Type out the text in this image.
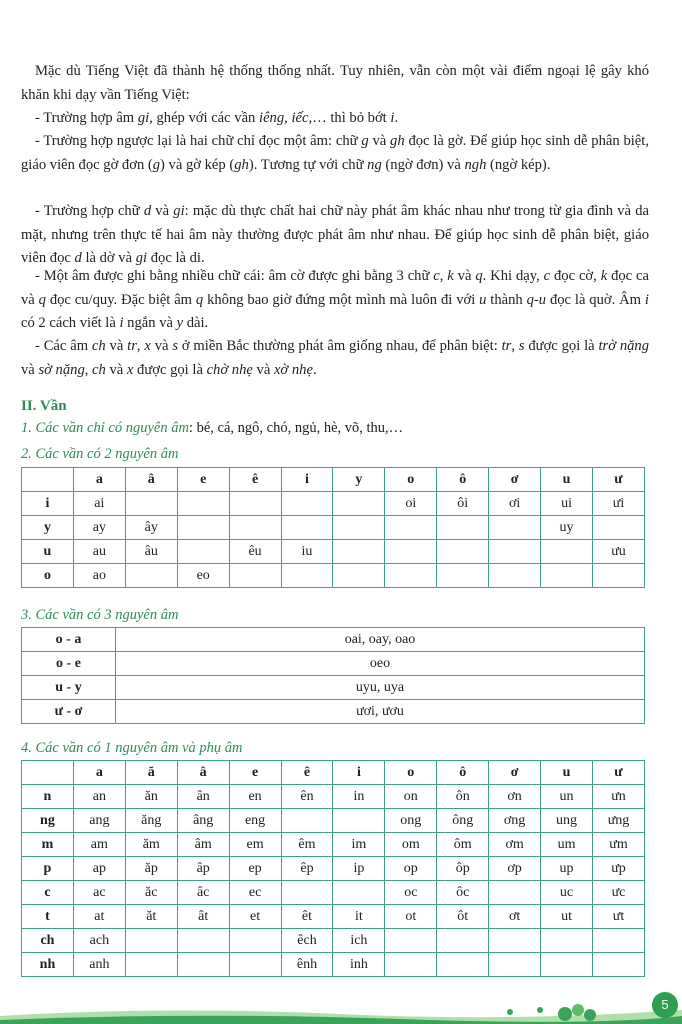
Mặc dù Tiếng Việt đã thành hệ thống thống nhất. Tuy nhiên, vẫn còn một vài điểm ngoại lệ gây khó khăn khi dạy vần Tiếng Việt:

- Trường hợp âm gi, ghép với các vần iêng, iếc,… thì bỏ bớt i.

- Trường hợp ngược lại là hai chữ chỉ đọc một âm: chữ g và gh đọc là gờ. Để giúp học sinh dễ phân biệt, giáo viên đọc gờ đơn (g) và gờ kép (gh). Tương tự với chữ ng (ngờ đơn) và ngh (ngờ kép).

- Trường hợp chữ d và gi: mặc dù thực chất hai chữ này phát âm khác nhau như trong từ gia đình và da mặt, nhưng trên thực tế hai âm này thường được phát âm như nhau. Để giúp học sinh dễ phân biệt, giáo viên đọc d là dờ và gi đọc là di.

- Một âm được ghi bằng nhiều chữ cái: âm cờ được ghi bằng 3 chữ c, k và q. Khi dạy, c đọc cờ, k đọc ca và q đọc cu/quy. Đặc biệt âm q không bao giờ đứng một mình mà luôn đi với u thành q-u đọc là quờ. Âm i có 2 cách viết là i ngắn và y dài.

- Các âm ch và tr, x và s ở miền Bắc thường phát âm giống nhau, để phân biệt: tr, s được gọi là trờ nặng và sờ nặng, ch và x được gọi là chờ nhẹ và xờ nhẹ.

II. Vần
1. Các vần chỉ có nguyên âm: bé, cá, ngô, chó, ngủ, hè, võ, thu,…
2. Các vần có 2 nguyên âm
	a	â	e	ê	i	y	o	ô	ơ	u	ư
i	ai						oi	ôi	ơi	ui	ưi
y	ay	ây								uy	
u	au	âu		êu	iu						ưu
o	ao		eo								
3. Các vần có 3 nguyên âm
o - a	oai, oay, oao
o - e	oeo
u - y	uyu, uya
ư - ơ	ươi, ươu
4. Các vần có 1 nguyên âm và phụ âm
	a	ă	â	e	ê	i	o	ô	ơ	u	ư
n	an	ăn	ân	en	ên	in	on	ôn	ơn	un	ưn
ng	ang	ăng	âng	eng			ong	ông	ơng	ung	ưng
m	am	ăm	âm	em	êm	im	om	ôm	ơm	um	ưm
p	ap	ăp	âp	ep	êp	ip	op	ôp	ơp	up	ưp
c	ac	ăc	âc	ec			oc	ôc		uc	ưc
t	at	ăt	ât	et	êt	it	ot	ôt	ơt	ut	ưt
ch	ach				êch	ich					
nh	anh				ênh	inh					
5
